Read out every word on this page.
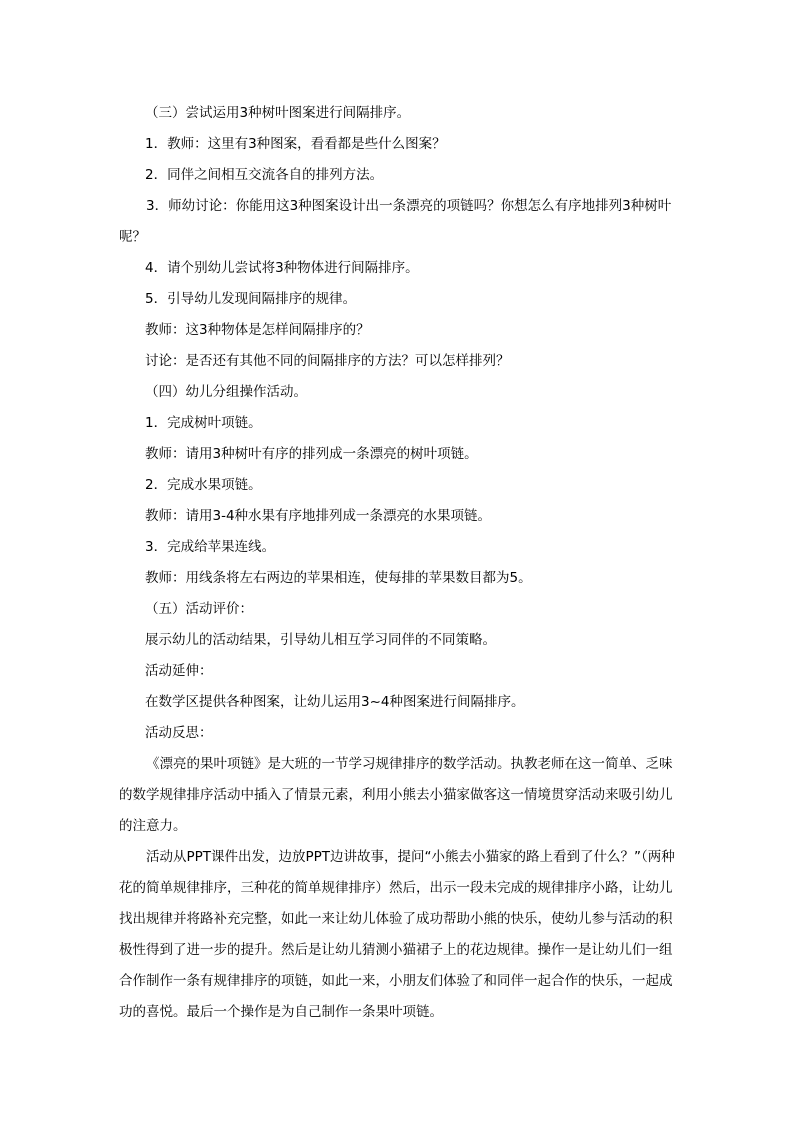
（三）尝试运用3种树叶图案进行间隔排序。

1．教师：这里有3种图案，看看都是些什么图案？

2．同伴之间相互交流各自的排列方法。

3．师幼讨论：你能用这3种图案设计出一条漂亮的项链吗？你想怎么有序地排列3种树叶呢？

4．请个别幼儿尝试将3种物体进行间隔排序。

5．引导幼儿发现间隔排序的规律。

教师：这3种物体是怎样间隔排序的？

讨论：是否还有其他不同的间隔排序的方法？可以怎样排列？

（四）幼儿分组操作活动。

1．完成树叶项链。

教师：请用3种树叶有序的排列成一条漂亮的树叶项链。

2．完成水果项链。

教师：请用3-4种水果有序地排列成一条漂亮的水果项链。

3．完成给苹果连线。

教师：用线条将左右两边的苹果相连，使每排的苹果数目都为5。

（五）活动评价：

展示幼儿的活动结果，引导幼儿相互学习同伴的不同策略。

活动延伸：

在数学区提供各种图案，让幼儿运用3~4种图案进行间隔排序。

活动反思：

《漂亮的果叶项链》是大班的一节学习规律排序的数学活动。执教老师在这一简单、乏味的数学规律排序活动中插入了情景元素，利用小熊去小猫家做客这一情境贯穿活动来吸引幼儿的注意力。

活动从PPT课件出发，边放PPT边讲故事，提问“小熊去小猫家的路上看到了什么？”（两种花的简单规律排序，三种花的简单规律排序）然后，出示一段未完成的规律排序小路，让幼儿找出规律并将路补充完整，如此一来让幼儿体验了成功帮助小熊的快乐，使幼儿参与活动的积极性得到了进一步的提升。然后是让幼儿猜测小猫裙子上的花边规律。操作一是让幼儿们一组合作制作一条有规律排序的项链，如此一来，小朋友们体验了和同伴一起合作的快乐，一起成功的喜悦。最后一个操作是为自己制作一条果叶项链。
